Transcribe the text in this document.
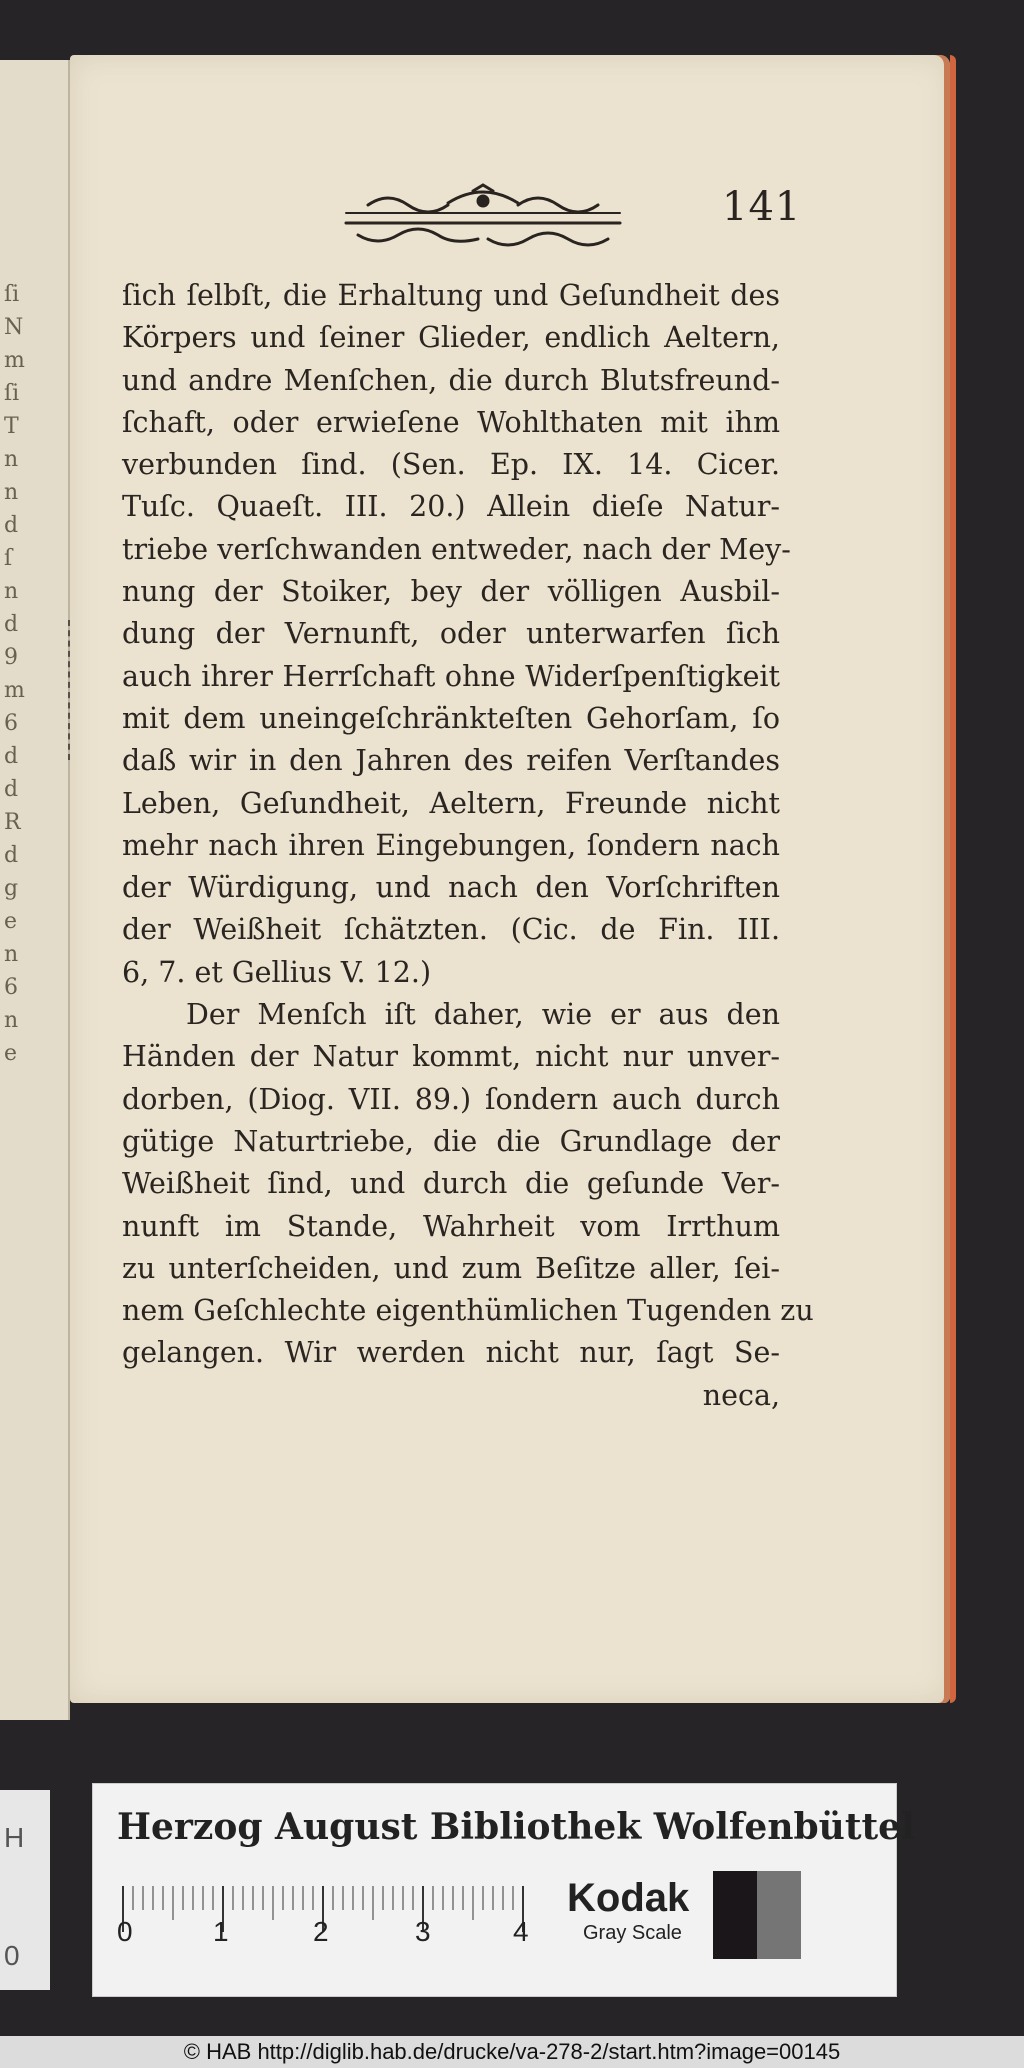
141
ſich ſelbſt, die Erhaltung und Geſundheit des
Körpers und ſeiner Glieder, endlich Aeltern,
und andre Menſchen, die durch Blutsfreund-
ſchaft, oder erwieſene Wohlthaten mit ihm
verbunden ſind. (Sen. Ep. IX. 14. Cicer.
Tuſc. Quaeſt. III. 20.) Allein dieſe Natur-
triebe verſchwanden entweder, nach der Mey-
nung der Stoiker, bey der völligen Ausbil-
dung der Vernunft, oder unterwarfen ſich
auch ihrer Herrſchaft ohne Widerſpenſtigkeit
mit dem uneingeſchränkteſten Gehorſam, ſo
daß wir in den Jahren des reifen Verſtandes
Leben, Geſundheit, Aeltern, Freunde nicht
mehr nach ihren Eingebungen, ſondern nach
der Würdigung, und nach den Vorſchriften
der Weißheit ſchätzten. (Cic. de Fin. III.
6, 7. et Gellius V. 12.)
Der Menſch iſt daher, wie er aus den
Händen der Natur kommt, nicht nur unver-
dorben, (Diog. VII. 89.) ſondern auch durch
gütige Naturtriebe, die die Grundlage der
Weißheit ſind, und durch die geſunde Ver-
nunft im Stande, Wahrheit vom Irrthum
zu unterſcheiden, und zum Beſitze aller, ſei-
nem Geſchlechte eigenthümlichen Tugenden zu
gelangen. Wir werden nicht nur, ſagt Se-
neca,
ſi
N
m
ſi
T
n
n
d
ſ
n
d
9
m
6
d
d
R
d
g
e
n
6
n
e
H
0
Herzog August Bibliothek Wolfenbüttel
0	1	2	3	4
Kodak
Gray Scale
© HAB http://diglib.hab.de/drucke/va-278-2/start.htm?image=00145
